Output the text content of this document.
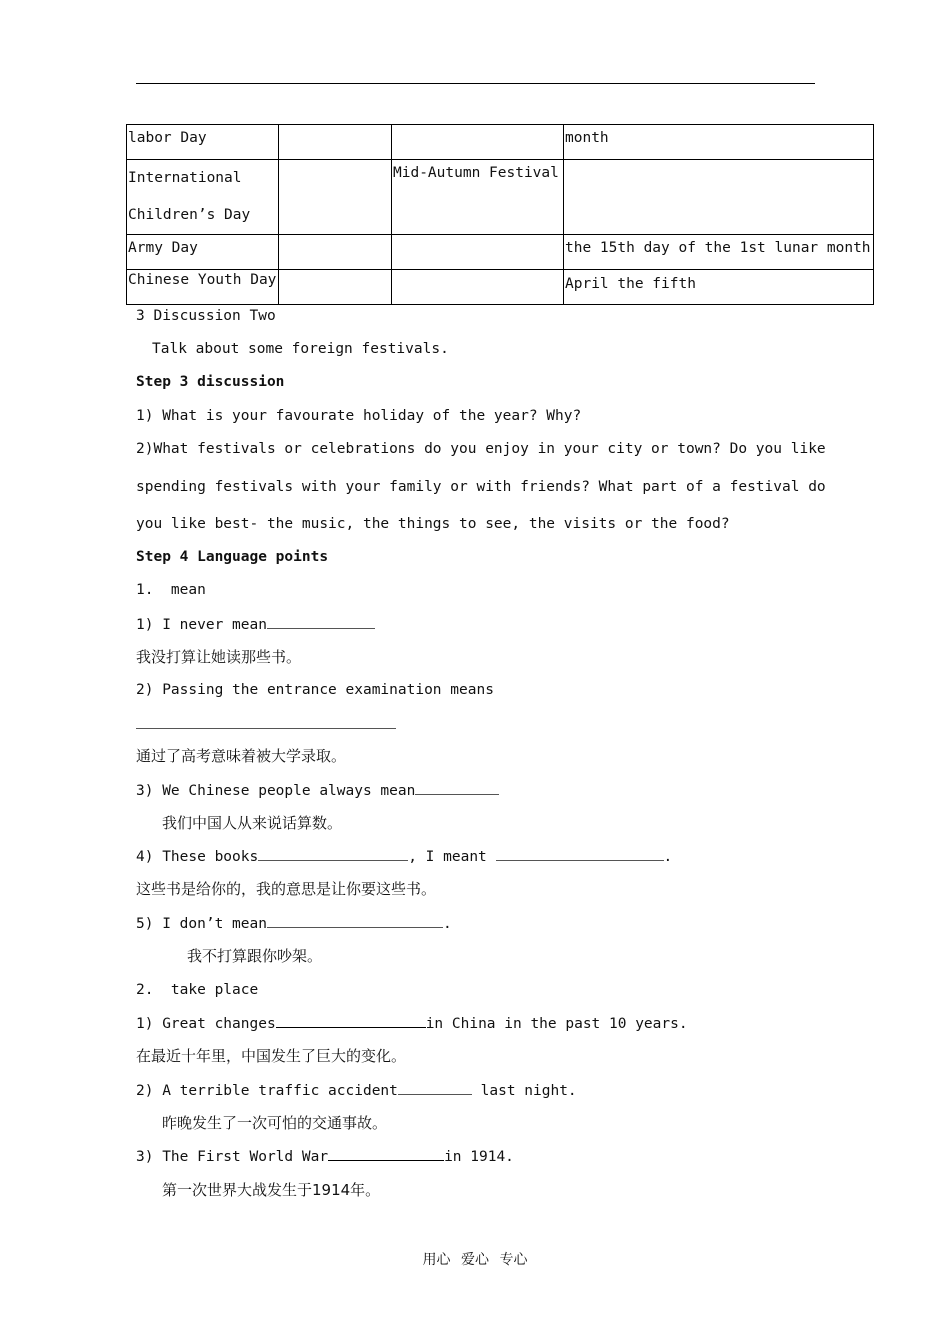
labor Day			month
International
Children’s Day		Mid-Autumn Festival	
Army Day			the 15th day of the 1st lunar month
Chinese Youth Day			April the fifth
3 Discussion Two
Talk about some foreign festivals.
Step 3 discussion
1) What is your favourate holiday of the year? Why?
2)What festivals or celebrations do you enjoy in your city or town? Do you like
spending festivals with your family or with friends? What part of a festival do
you like best- the music, the things to see, the visits or the food?
Step 4 Language points
1.  mean
1) I never mean
我没打算让她读那些书。
2) Passing the entrance examination means
通过了高考意味着被大学录取。
3) We Chinese people always mean
我们中国人从来说话算数。
4) These books	, I meant	.
这些书是给你的，我的意思是让你要这些书。
5) I don’t mean	.
我不打算跟你吵架。
2.  take place
1) Great changes	in China in the past 10 years.
在最近十年里，中国发生了巨大的变化。
2) A terrible traffic accident	last night.
昨晚发生了一次可怕的交通事故。
3) The First World War	in 1914.
第一次世界大战发生于1914年。
用心 爱心 专心
